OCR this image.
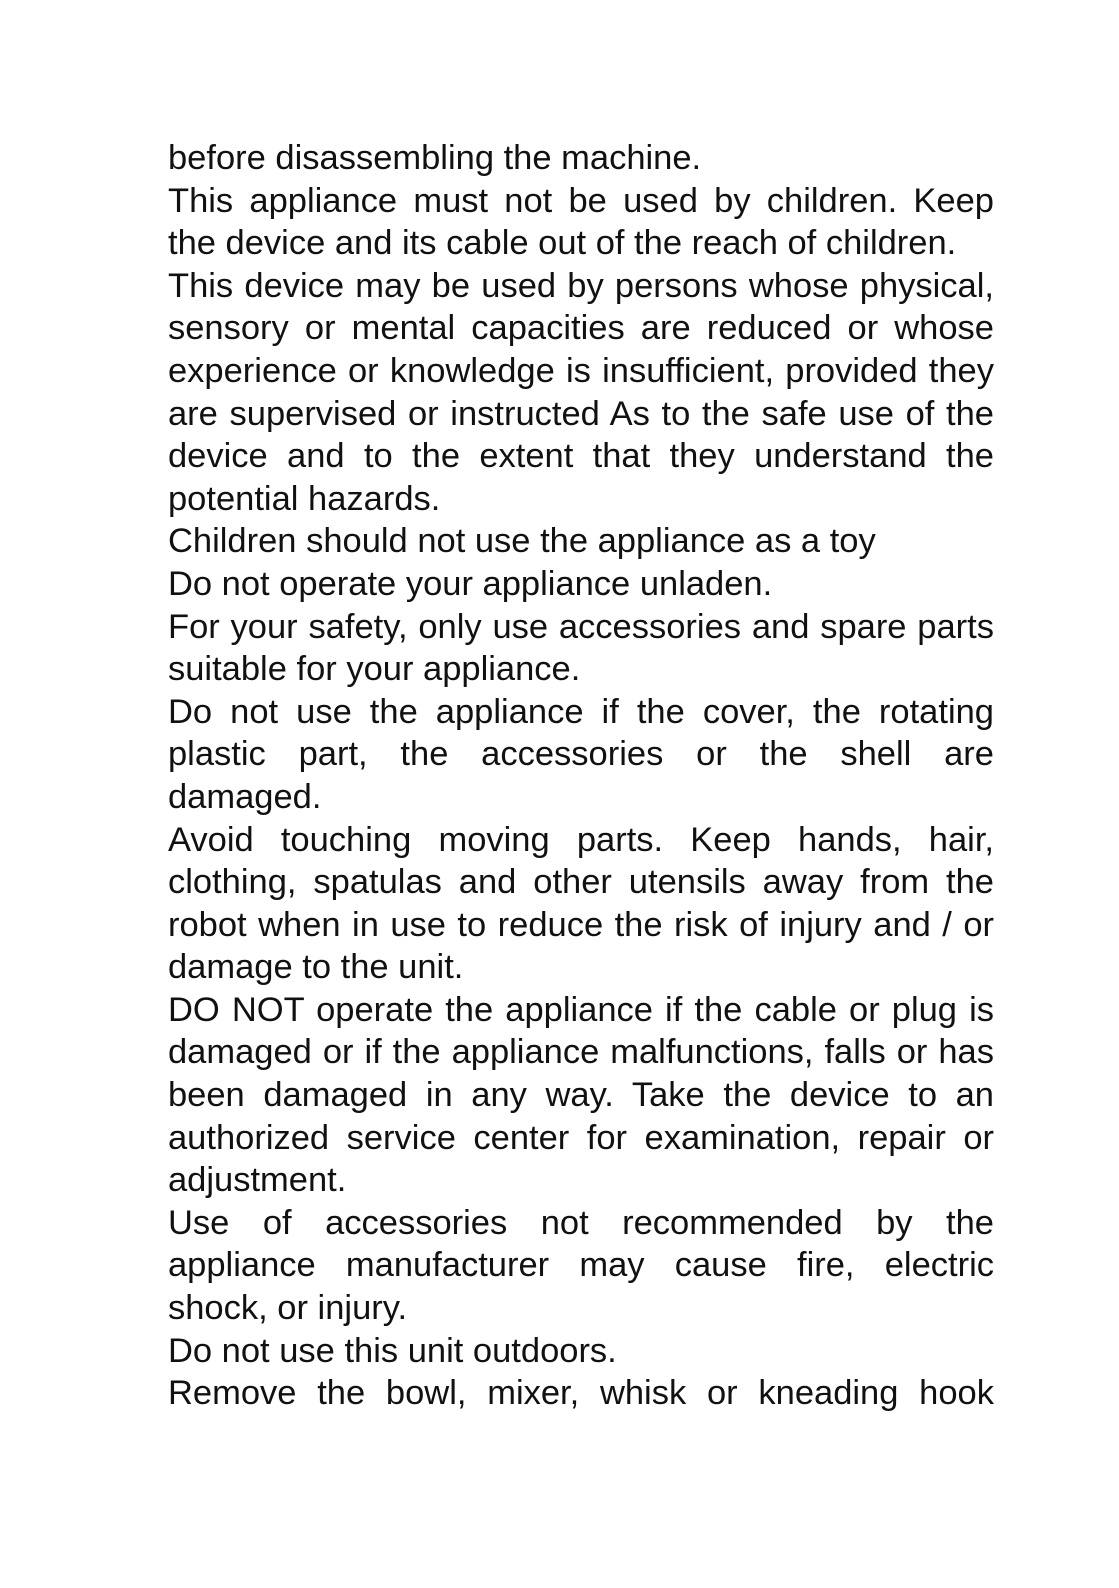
before disassembling the machine.

This appliance must not be used by children. Keep the device and its cable out of the reach of children.

This device may be used by persons whose physical, sensory or mental capacities are reduced or whose experience or knowledge is insufficient, provided they are supervised or instructed As to the safe use of the device and to the extent that they understand the potential hazards.

Children should not use the appliance as a toy

Do not operate your appliance unladen.

For your safety, only use accessories and spare parts suitable for your appliance.

Do not use the appliance if the cover, the rotating plastic part, the accessories or the shell are damaged.

Avoid touching moving parts. Keep hands, hair, clothing, spatulas and other utensils away from the robot when in use to reduce the risk of injury and / or damage to the unit.

DO NOT operate the appliance if the cable or plug is damaged or if the appliance malfunctions, falls or has been damaged in any way. Take the device to an authorized service center for examination, repair or adjustment.

Use of accessories not recommended by the appliance manufacturer may cause fire, electric shock, or injury.

Do not use this unit outdoors.

Remove the bowl, mixer, whisk or kneading hook
